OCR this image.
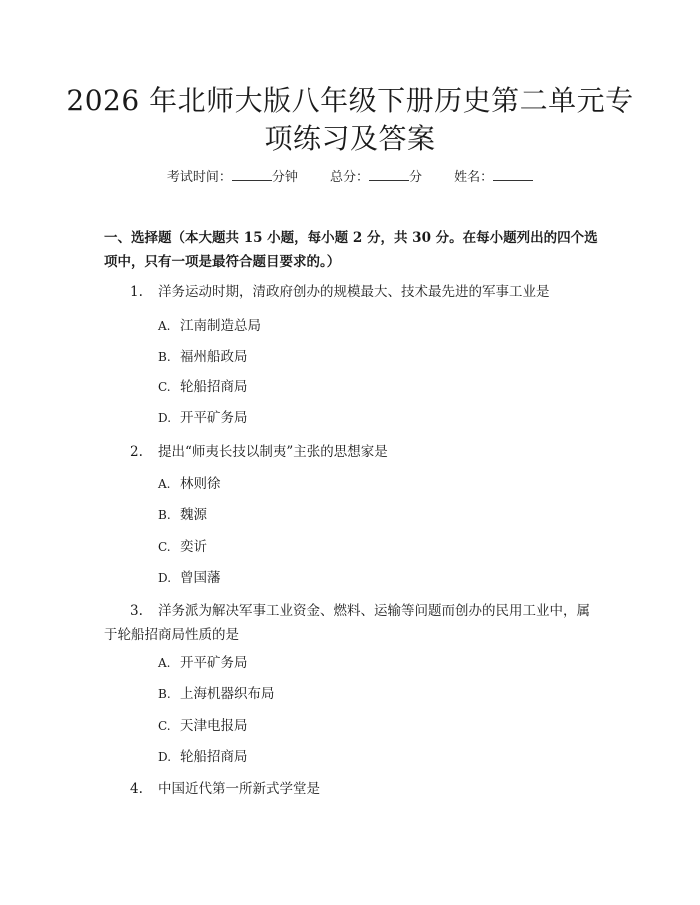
2026 年北师大版八年级下册历史第二单元专
项练习及答案
考试时间：	分钟 总分：	分 姓名：
一、选择题（本大题共 15 小题，每小题 2 分，共 30 分。在每小题列出的四个选
项中，只有一项是最符合题目要求的。）
1. 洋务运动时期，清政府创办的规模最大、技术最先进的军事工业是
A. 江南制造总局
B. 福州船政局
C. 轮船招商局
D. 开平矿务局
2. 提出“师夷长技以制夷”主张的思想家是
A. 林则徐
B. 魏源
C. 奕䜣
D. 曾国藩
3. 洋务派为解决军事工业资金、燃料、运输等问题而创办的民用工业中，属
于轮船招商局性质的是
A. 开平矿务局
B. 上海机器织布局
C. 天津电报局
D. 轮船招商局
4. 中国近代第一所新式学堂是
